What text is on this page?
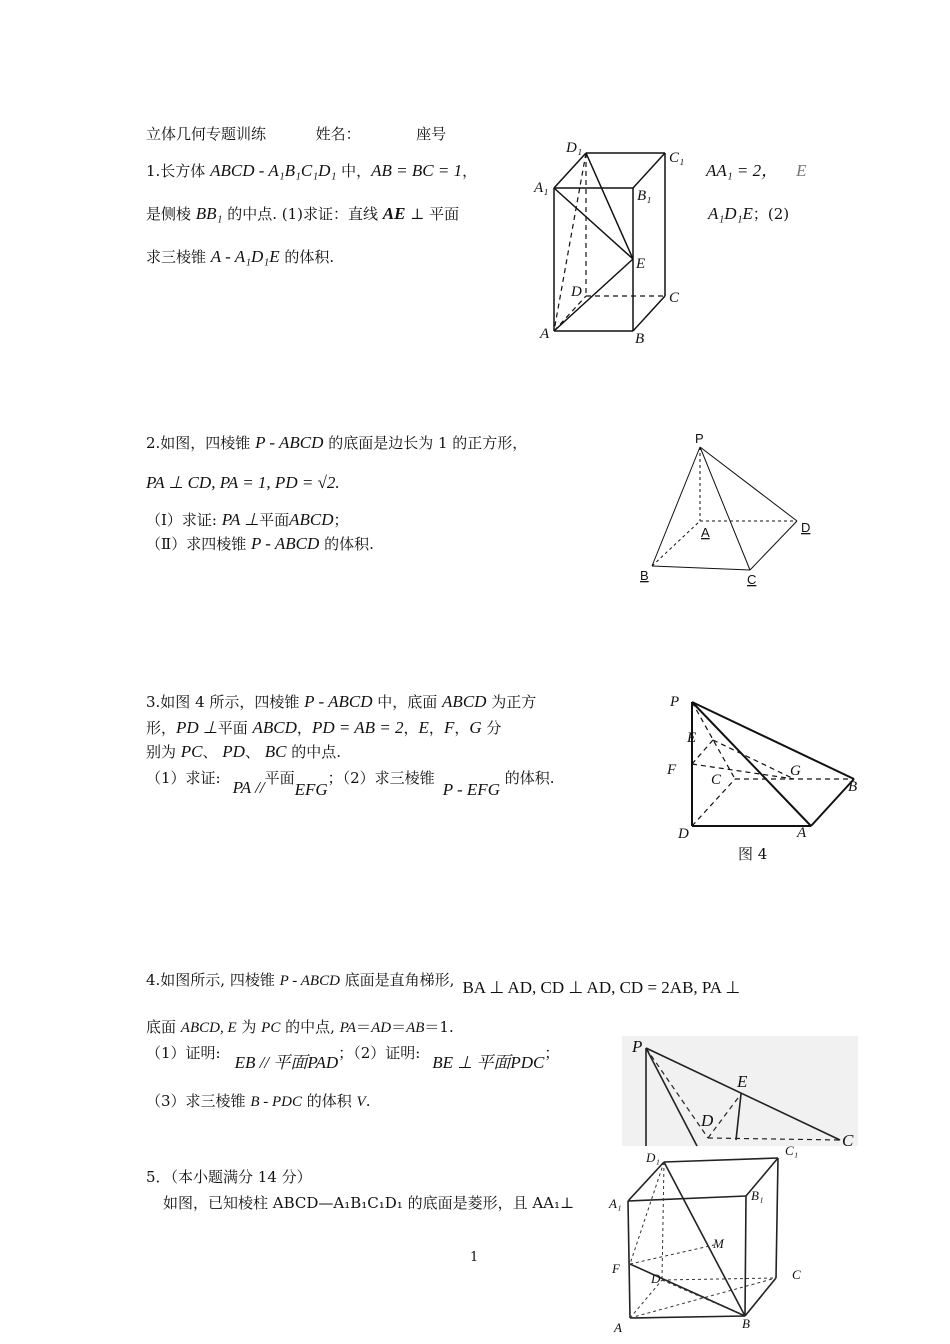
立体几何专题训练	姓名：	座号
1.长方体 ABCD - A₁B₁C₁D₁ 中，AB = BC = 1，	AA₁ = 2， E
是侧棱 BB₁ 的中点. (1)求证：直线 AE ⊥ 平面	A₁D₁E；(2)
求三棱锥 A - A₁D₁E 的体积.
D₁
C₁
A₁	B₁
E
D	C
A	B
2.如图，四棱锥 P - ABCD 的底面是边长为 1 的正方形，
PA ⊥ CD, PA = 1, PD = √2.
（Ⅰ）求证: PA ⊥平面ABCD；
（Ⅱ）求四棱锥 P - ABCD 的体积.
P
A	D
B	C
3.如图 4 所示，四棱锥 P - ABCD 中，底面 ABCD 为正方
形，PD ⊥平面 ABCD，PD = AB = 2，E，F，G 分
别为 PC、 PD、 BC 的中点.
（1）求证: PA //平面EFG；（2）求三棱锥P - EFG 的体积.
P
E
F
C
G
B
D	A
图 4
4.如图所示, 四棱锥 P - ABCD 底面是直角梯形, BA ⊥ AD, CD ⊥ AD, CD = 2AB, PA ⊥
底面 ABCD, E 为 PC 的中点, PA＝AD＝AB＝1.
（1）证明: EB // 平面PAD；（2）证明: BE ⊥ 平面PDC；
（3）求三棱锥 B - PDC 的体积 V.
P
E
D
C
5．（本小题满分 14 分）
如图，已知棱柱 ABCD—A₁B₁C₁D₁ 的底面是菱形，且 AA₁⊥
D₁	C₁
A₁
B₁
M
F
D	C
A	B
1
